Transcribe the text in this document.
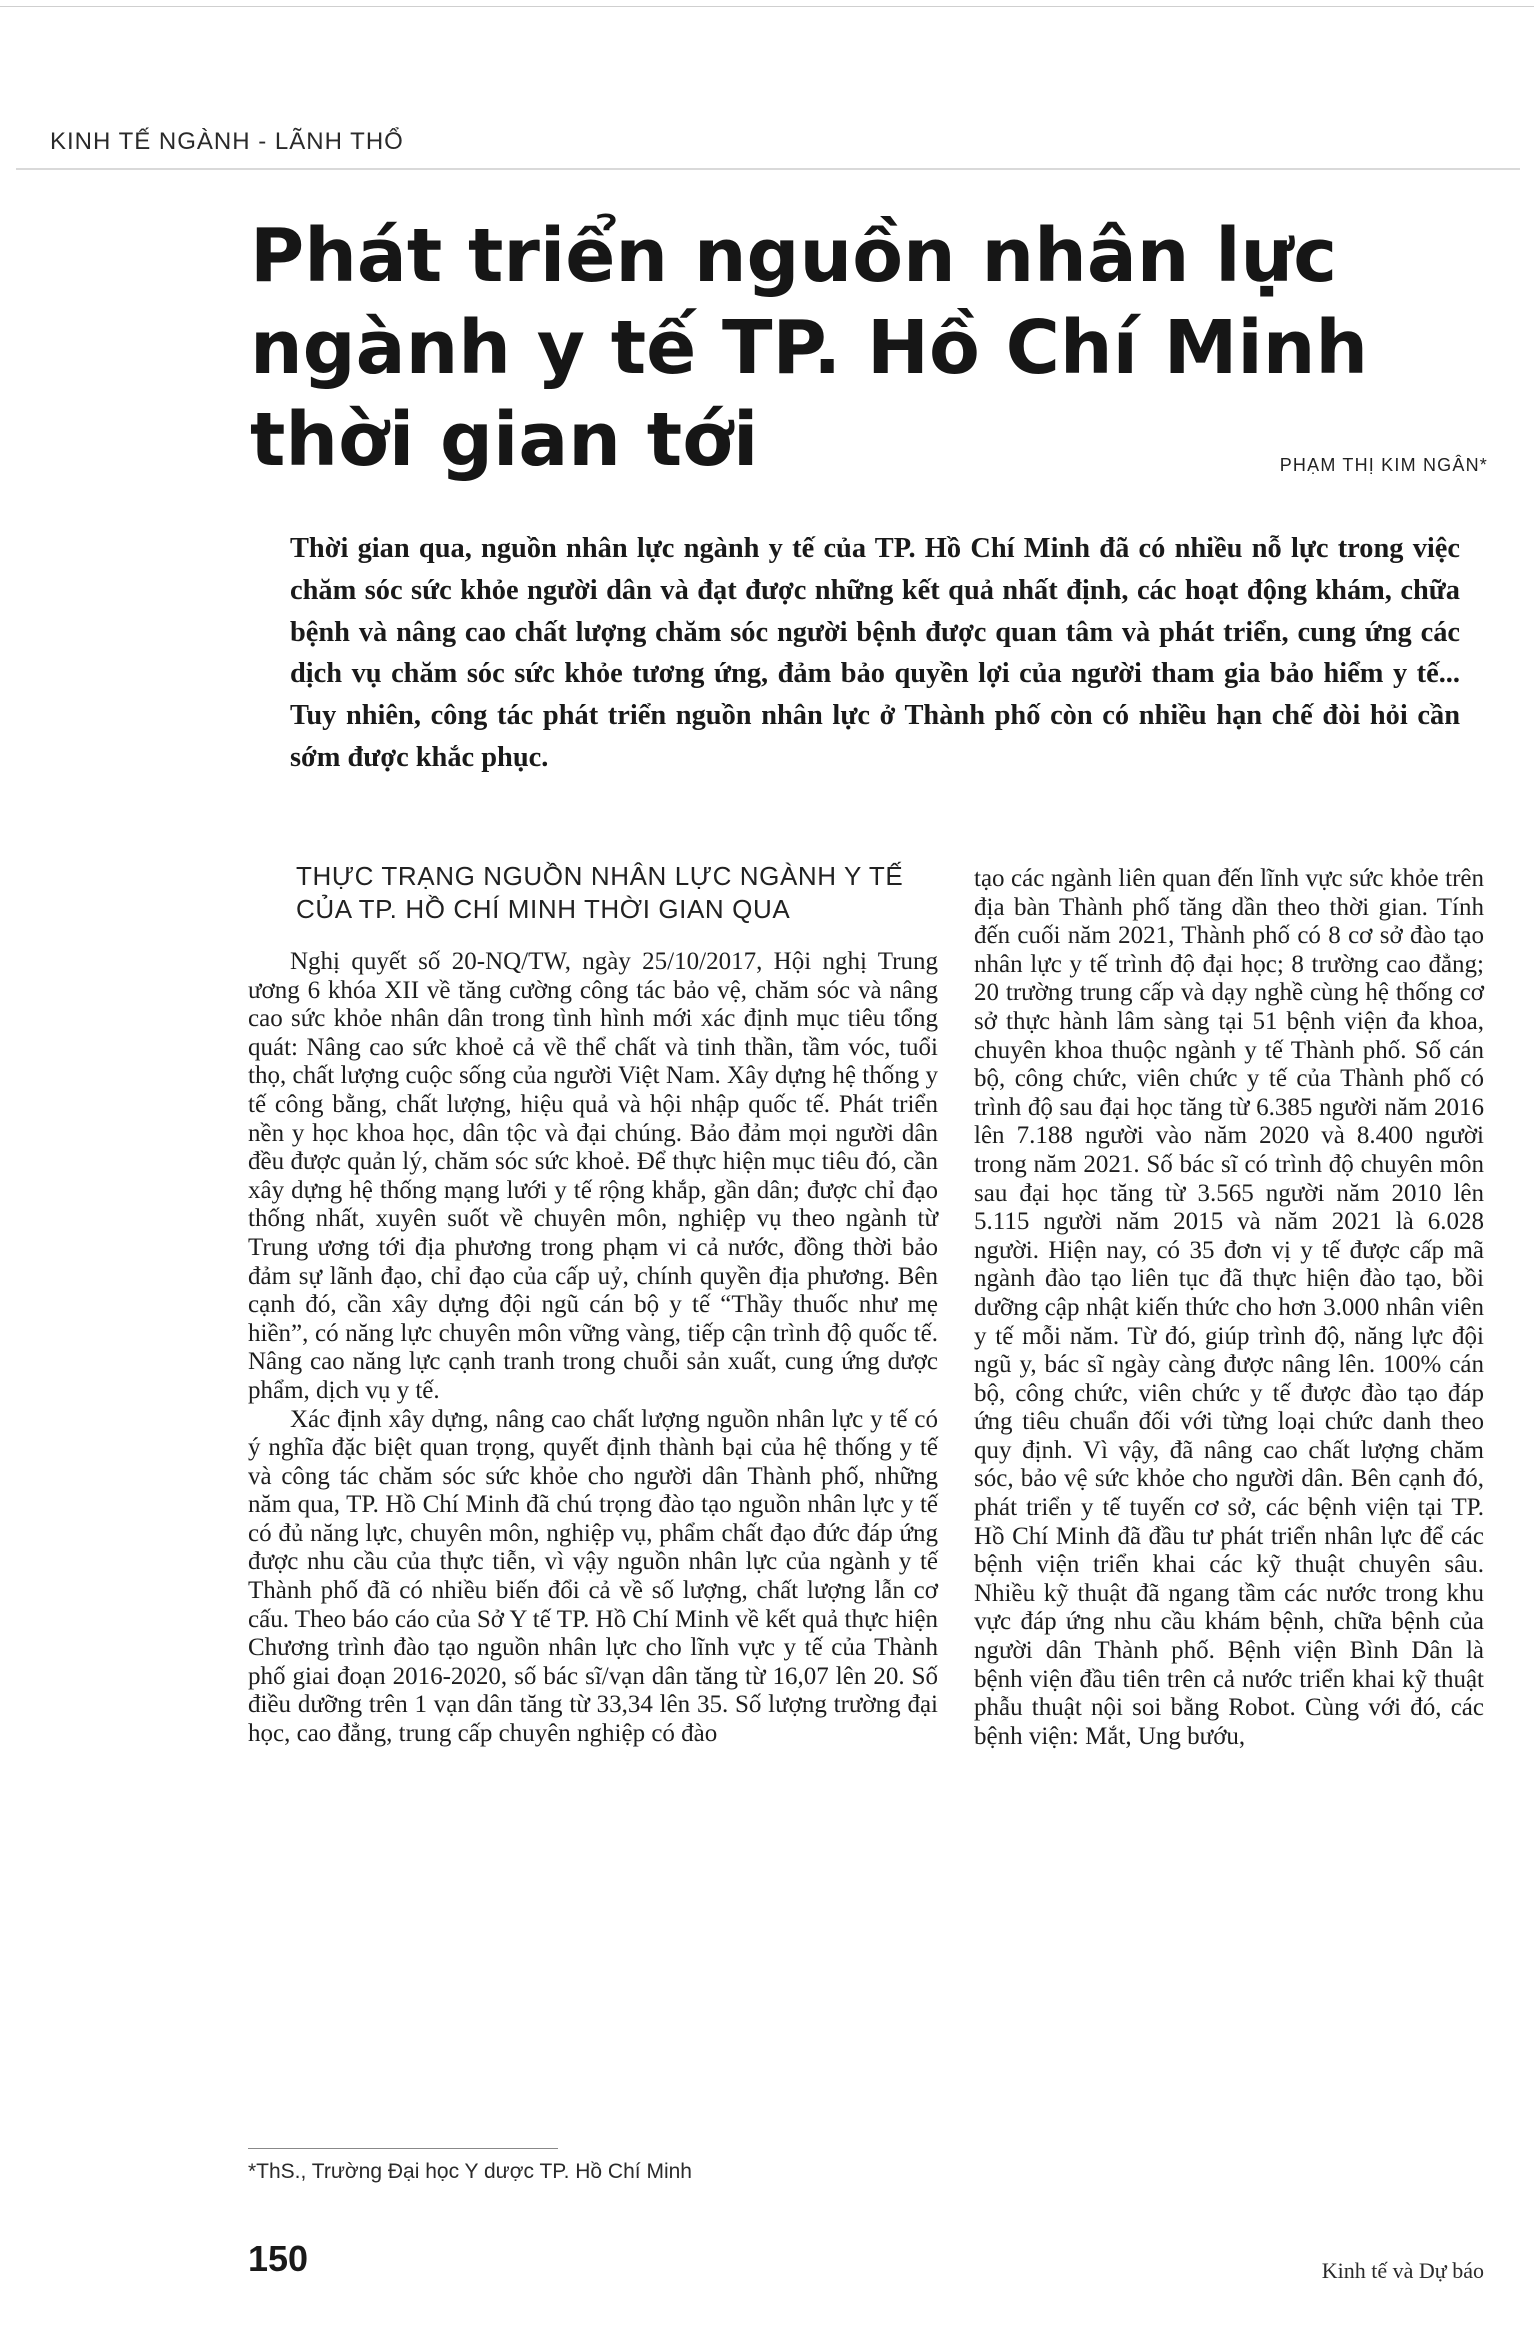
KINH TẾ NGÀNH - LÃNH THỔ
Phát triển nguồn nhân lực ngành y tế TP. Hồ Chí Minh thời gian tới	PHẠM THỊ KIM NGÂN*

Thời gian qua, nguồn nhân lực ngành y tế của TP. Hồ Chí Minh đã có nhiều nỗ lực trong việc chăm sóc sức khỏe người dân và đạt được những kết quả nhất định, các hoạt động khám, chữa bệnh và nâng cao chất lượng chăm sóc người bệnh được quan tâm và phát triển, cung ứng các dịch vụ chăm sóc sức khỏe tương ứng, đảm bảo quyền lợi của người tham gia bảo hiểm y tế... Tuy nhiên, công tác phát triển nguồn nhân lực ở Thành phố còn có nhiều hạn chế đòi hỏi cần sớm được khắc phục.

THỰC TRẠNG NGUỒN NHÂN LỰC NGÀNH Y TẾ CỦA TP. HỒ CHÍ MINH THỜI GIAN QUA

Nghị quyết số 20-NQ/TW, ngày 25/10/2017, Hội nghị Trung ương 6 khóa XII về tăng cường công tác bảo vệ, chăm sóc và nâng cao sức khỏe nhân dân trong tình hình mới xác định mục tiêu tổng quát: Nâng cao sức khoẻ cả về thể chất và tinh thần, tầm vóc, tuổi thọ, chất lượng cuộc sống của người Việt Nam. Xây dựng hệ thống y tế công bằng, chất lượng, hiệu quả và hội nhập quốc tế. Phát triển nền y học khoa học, dân tộc và đại chúng. Bảo đảm mọi người dân đều được quản lý, chăm sóc sức khoẻ. Để thực hiện mục tiêu đó, cần xây dựng hệ thống mạng lưới y tế rộng khắp, gần dân; được chỉ đạo thống nhất, xuyên suốt về chuyên môn, nghiệp vụ theo ngành từ Trung ương tới địa phương trong phạm vi cả nước, đồng thời bảo đảm sự lãnh đạo, chỉ đạo của cấp uỷ, chính quyền địa phương. Bên cạnh đó, cần xây dựng đội ngũ cán bộ y tế “Thầy thuốc như mẹ hiền”, có năng lực chuyên môn vững vàng, tiếp cận trình độ quốc tế. Nâng cao năng lực cạnh tranh trong chuỗi sản xuất, cung ứng dược phẩm, dịch vụ y tế.

Xác định xây dựng, nâng cao chất lượng nguồn nhân lực y tế có ý nghĩa đặc biệt quan trọng, quyết định thành bại của hệ thống y tế và công tác chăm sóc sức khỏe cho người dân Thành phố, những năm qua, TP. Hồ Chí Minh đã chú trọng đào tạo nguồn nhân lực y tế có đủ năng lực, chuyên môn, nghiệp vụ, phẩm chất đạo đức đáp ứng được nhu cầu của thực tiễn, vì vậy nguồn nhân lực của ngành y tế Thành phố đã có nhiều biến đổi cả về số lượng, chất lượng lẫn cơ cấu. Theo báo cáo của Sở Y tế TP. Hồ Chí Minh về kết quả thực hiện Chương trình đào tạo nguồn nhân lực cho lĩnh vực y tế của Thành phố giai đoạn 2016-2020, số bác sĩ/vạn dân tăng từ 16,07 lên 20. Số điều dưỡng trên 1 vạn dân tăng từ 33,34 lên 35. Số lượng trường đại học, cao đẳng, trung cấp chuyên nghiệp có đào

tạo các ngành liên quan đến lĩnh vực sức khỏe trên địa bàn Thành phố tăng dần theo thời gian. Tính đến cuối năm 2021, Thành phố có 8 cơ sở đào tạo nhân lực y tế trình độ đại học; 8 trường cao đẳng; 20 trường trung cấp và dạy nghề cùng hệ thống cơ sở thực hành lâm sàng tại 51 bệnh viện đa khoa, chuyên khoa thuộc ngành y tế Thành phố. Số cán bộ, công chức, viên chức y tế của Thành phố có trình độ sau đại học tăng từ 6.385 người năm 2016 lên 7.188 người vào năm 2020 và 8.400 người trong năm 2021. Số bác sĩ có trình độ chuyên môn sau đại học tăng từ 3.565 người năm 2010 lên 5.115 người năm 2015 và năm 2021 là 6.028 người. Hiện nay, có 35 đơn vị y tế được cấp mã ngành đào tạo liên tục đã thực hiện đào tạo, bồi dưỡng cập nhật kiến thức cho hơn 3.000 nhân viên y tế mỗi năm. Từ đó, giúp trình độ, năng lực đội ngũ y, bác sĩ ngày càng được nâng lên. 100% cán bộ, công chức, viên chức y tế được đào tạo đáp ứng tiêu chuẩn đối với từng loại chức danh theo quy định. Vì vậy, đã nâng cao chất lượng chăm sóc, bảo vệ sức khỏe cho người dân. Bên cạnh đó, phát triển y tế tuyến cơ sở, các bệnh viện tại TP. Hồ Chí Minh đã đầu tư phát triển nhân lực để các bệnh viện triển khai các kỹ thuật chuyên sâu. Nhiều kỹ thuật đã ngang tầm các nước trong khu vực đáp ứng nhu cầu khám bệnh, chữa bệnh của người dân Thành phố. Bệnh viện Bình Dân là bệnh viện đầu tiên trên cả nước triển khai kỹ thuật phẫu thuật nội soi bằng Robot. Cùng với đó, các bệnh viện: Mắt, Ung bướu,

*ThS., Trường Đại học Y dược TP. Hồ Chí Minh
150	Kinh tế và Dự báo
